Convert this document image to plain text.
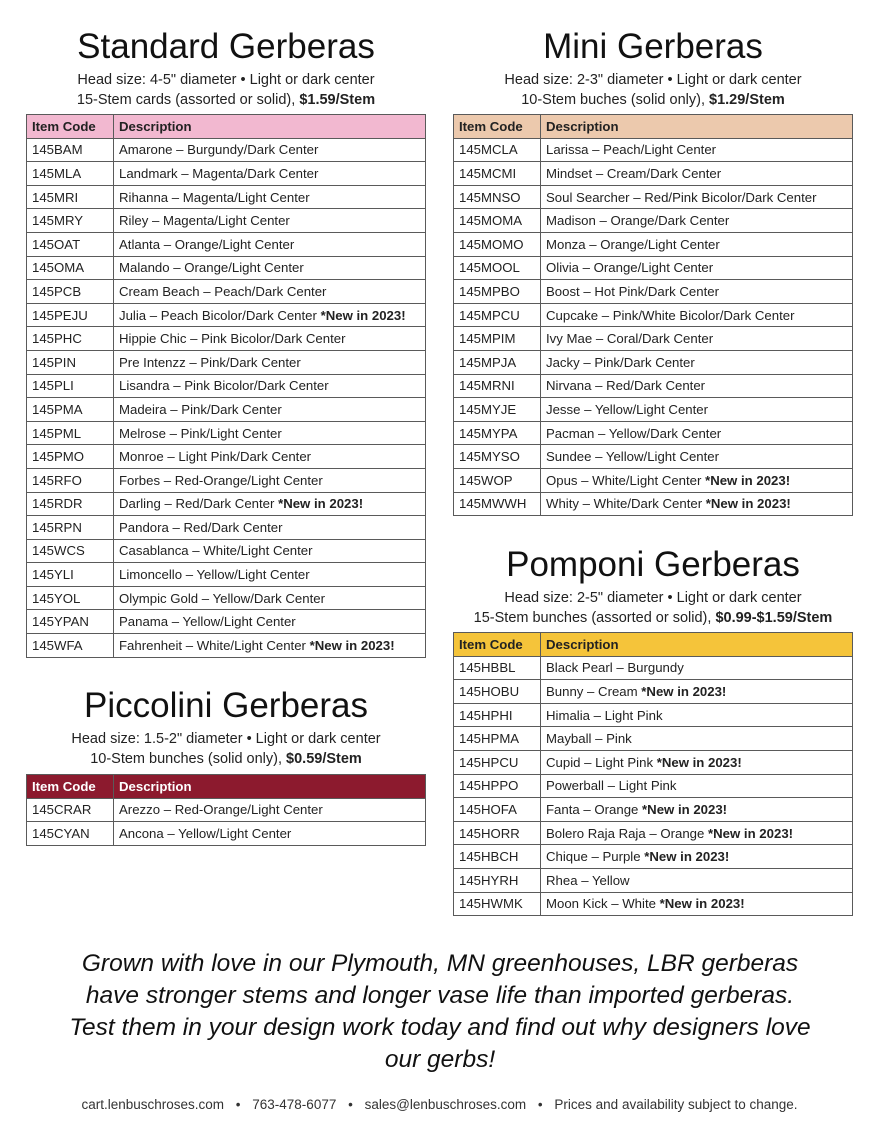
Standard Gerberas

Head size: 4-5" diameter • Light or dark center

15-Stem cards (assorted or solid), $1.59/Stem

Item Code	Description
145BAM	Amarone – Burgundy/Dark Center
145MLA	Landmark – Magenta/Dark Center
145MRI	Rihanna – Magenta/Light Center
145MRY	Riley – Magenta/Light Center
145OAT	Atlanta – Orange/Light Center
145OMA	Malando – Orange/Light Center
145PCB	Cream Beach – Peach/Dark Center
145PEJU	Julia – Peach Bicolor/Dark Center *New in 2023!
145PHC	Hippie Chic – Pink Bicolor/Dark Center
145PIN	Pre Intenzz – Pink/Dark Center
145PLI	Lisandra – Pink Bicolor/Dark Center
145PMA	Madeira – Pink/Dark Center
145PML	Melrose – Pink/Light Center
145PMO	Monroe – Light Pink/Dark Center
145RFO	Forbes – Red-Orange/Light Center
145RDR	Darling – Red/Dark Center *New in 2023!
145RPN	Pandora – Red/Dark Center
145WCS	Casablanca – White/Light Center
145YLI	Limoncello – Yellow/Light Center
145YOL	Olympic Gold – Yellow/Dark Center
145YPAN	Panama – Yellow/Light Center
145WFA	Fahrenheit – White/Light Center *New in 2023!
Mini Gerberas

Head size: 2-3" diameter • Light or dark center

10-Stem buches (solid only), $1.29/Stem

Item Code	Description
145MCLA	Larissa – Peach/Light Center
145MCMI	Mindset – Cream/Dark Center
145MNSO	Soul Searcher – Red/Pink Bicolor/Dark Center
145MOMA	Madison – Orange/Dark Center
145MOMO	Monza – Orange/Light Center
145MOOL	Olivia – Orange/Light Center
145MPBO	Boost – Hot Pink/Dark Center
145MPCU	Cupcake – Pink/White Bicolor/Dark Center
145MPIM	Ivy Mae – Coral/Dark Center
145MPJA	Jacky – Pink/Dark Center
145MRNI	Nirvana – Red/Dark Center
145MYJE	Jesse – Yellow/Light Center
145MYPA	Pacman – Yellow/Dark Center
145MYSO	Sundee – Yellow/Light Center
145WOP	Opus – White/Light Center *New in 2023!
145MWWH	Whity – White/Dark Center *New in 2023!
Piccolini Gerberas

Head size: 1.5-2" diameter • Light or dark center

10-Stem bunches (solid only), $0.59/Stem

Item Code	Description
145CRAR	Arezzo – Red-Orange/Light Center
145CYAN	Ancona – Yellow/Light Center
Pomponi Gerberas

Head size: 2-5" diameter • Light or dark center

15-Stem bunches (assorted or solid), $0.99-$1.59/Stem

Item Code	Description
145HBBL	Black Pearl – Burgundy
145HOBU	Bunny – Cream *New in 2023!
145HPHI	Himalia – Light Pink
145HPMA	Mayball – Pink
145HPCU	Cupid – Light Pink *New in 2023!
145HPPO	Powerball – Light Pink
145HOFA	Fanta – Orange *New in 2023!
145HORR	Bolero Raja Raja – Orange *New in 2023!
145HBCH	Chique – Purple *New in 2023!
145HYRH	Rhea – Yellow
145HWMK	Moon Kick – White *New in 2023!

Grown with love in our Plymouth, MN greenhouses, LBR gerberas have stronger stems and longer vase life than imported gerberas. Test them in your design work today and find out why designers love our gerbs!

cart.lenbuschroses.com • 763-478-6077 • sales@lenbuschroses.com • Prices and availability subject to change.
